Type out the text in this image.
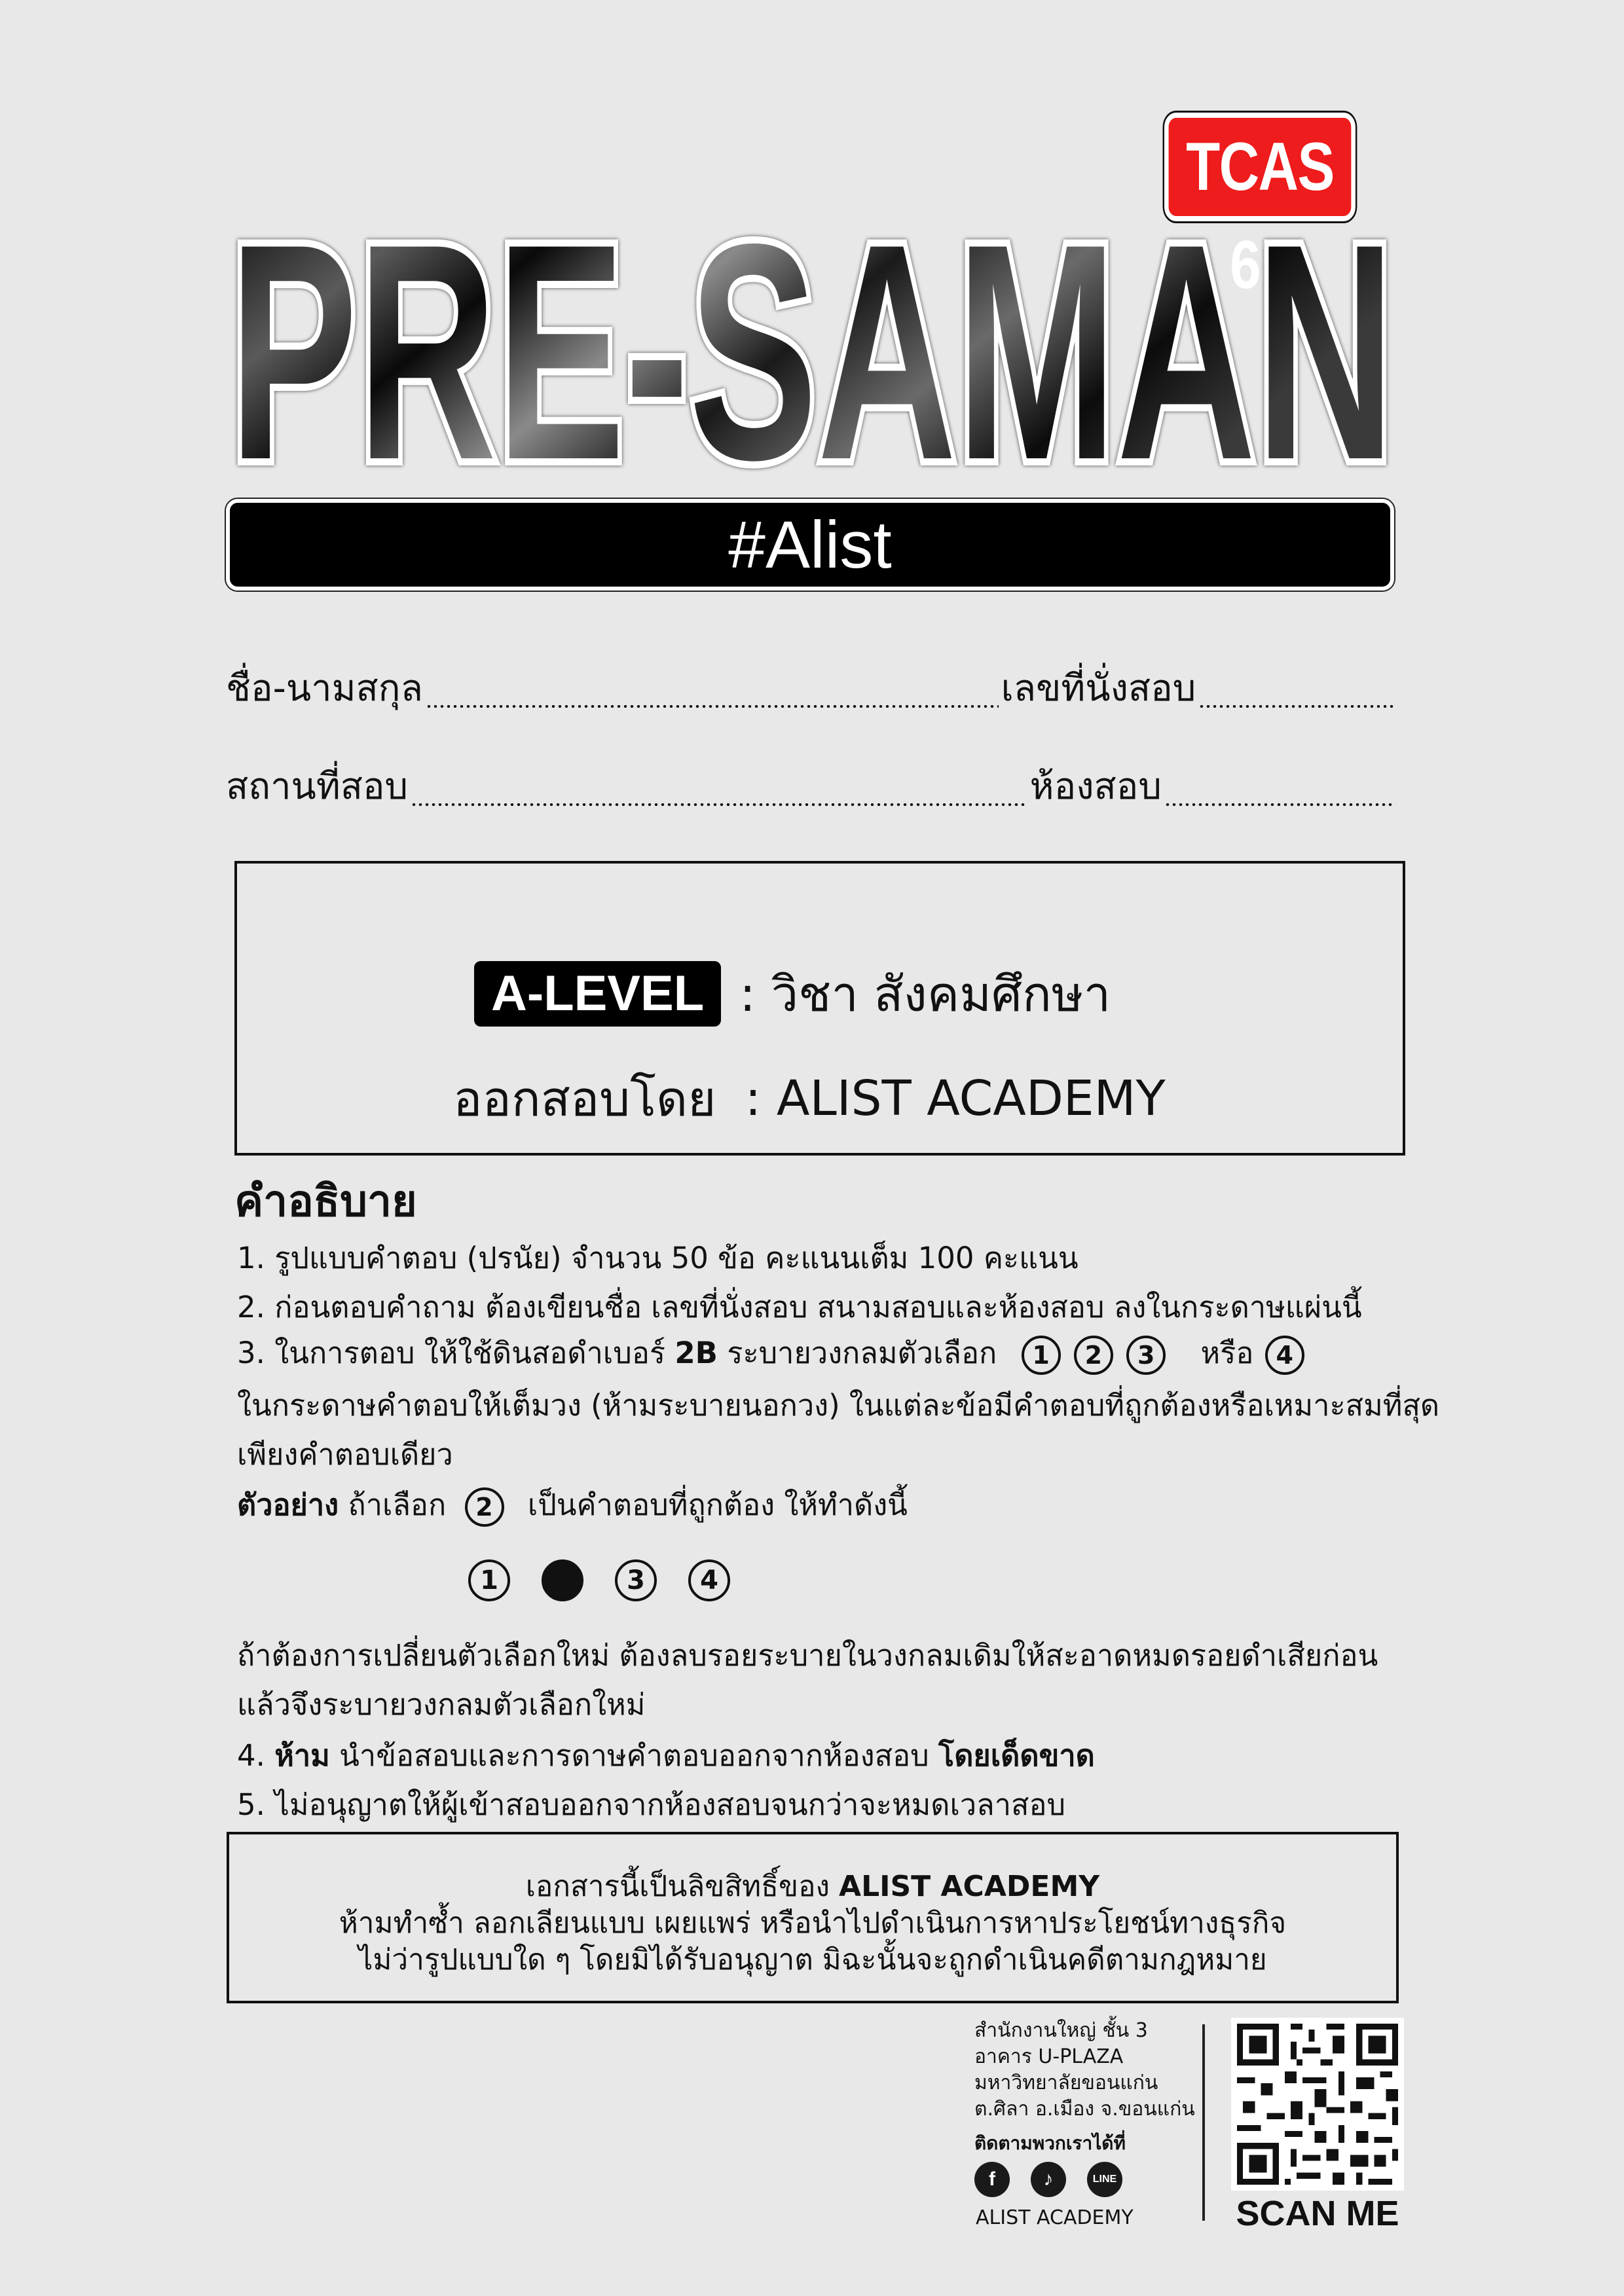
TCAS 67
PRE-SAMAN
#Alist
ชื่อ-นามสกุล	เลขที่นั่งสอบ
สถานที่สอบ	ห้องสอบ
A-LEVEL : วิชา สังคมศึกษา
ออกสอบโดย : ALIST ACADEMY
คำอธิบาย
1. รูปแบบคำตอบ (ปรนัย) จำนวน 50 ข้อ คะแนนเต็ม 100 คะแนน
2. ก่อนตอบคำถาม ต้องเขียนชื่อ เลขที่นั่งสอบ สนามสอบและห้องสอบ ลงในกระดาษแผ่นนี้
3. ในการตอบ ให้ใช้ดินสอดำเบอร์ 2B ระบายวงกลมตัวเลือก 1 2 3 หรือ 4
ในกระดาษคำตอบให้เต็มวง (ห้ามระบายนอกวง) ในแต่ละข้อมีคำตอบที่ถูกต้องหรือเหมาะสมที่สุด
เพียงคำตอบเดียว
ตัวอย่าง ถ้าเลือก 2 เป็นคำตอบที่ถูกต้อง ให้ทำดังนี้
1	3	4
ถ้าต้องการเปลี่ยนตัวเลือกใหม่ ต้องลบรอยระบายในวงกลมเดิมให้สะอาดหมดรอยดำเสียก่อน
แล้วจึงระบายวงกลมตัวเลือกใหม่
4. ห้าม นำข้อสอบและการดาษคำตอบออกจากห้องสอบ โดยเด็ดขาด
5. ไม่อนุญาตให้ผู้เข้าสอบออกจากห้องสอบจนกว่าจะหมดเวลาสอบ
เอกสารนี้เป็นลิขสิทธิ์ของ ALIST ACADEMY
ห้ามทำซ้ำ ลอกเลียนแบบ เผยแพร่ หรือนำไปดำเนินการหาประโยชน์ทางธุรกิจ
ไม่ว่ารูปแบบใด ๆ โดยมิได้รับอนุญาต มิฉะนั้นจะถูกดำเนินคดีตามกฎหมาย
สำนักงานใหญ่ ชั้น 3
อาคาร U-PLAZA
มหาวิทยาลัยขอนแก่น
ต.ศิลา อ.เมือง จ.ขอนแก่น
ติดตามพวกเราได้ที่
f	♪	LINE
ALIST ACADEMY	SCAN ME
